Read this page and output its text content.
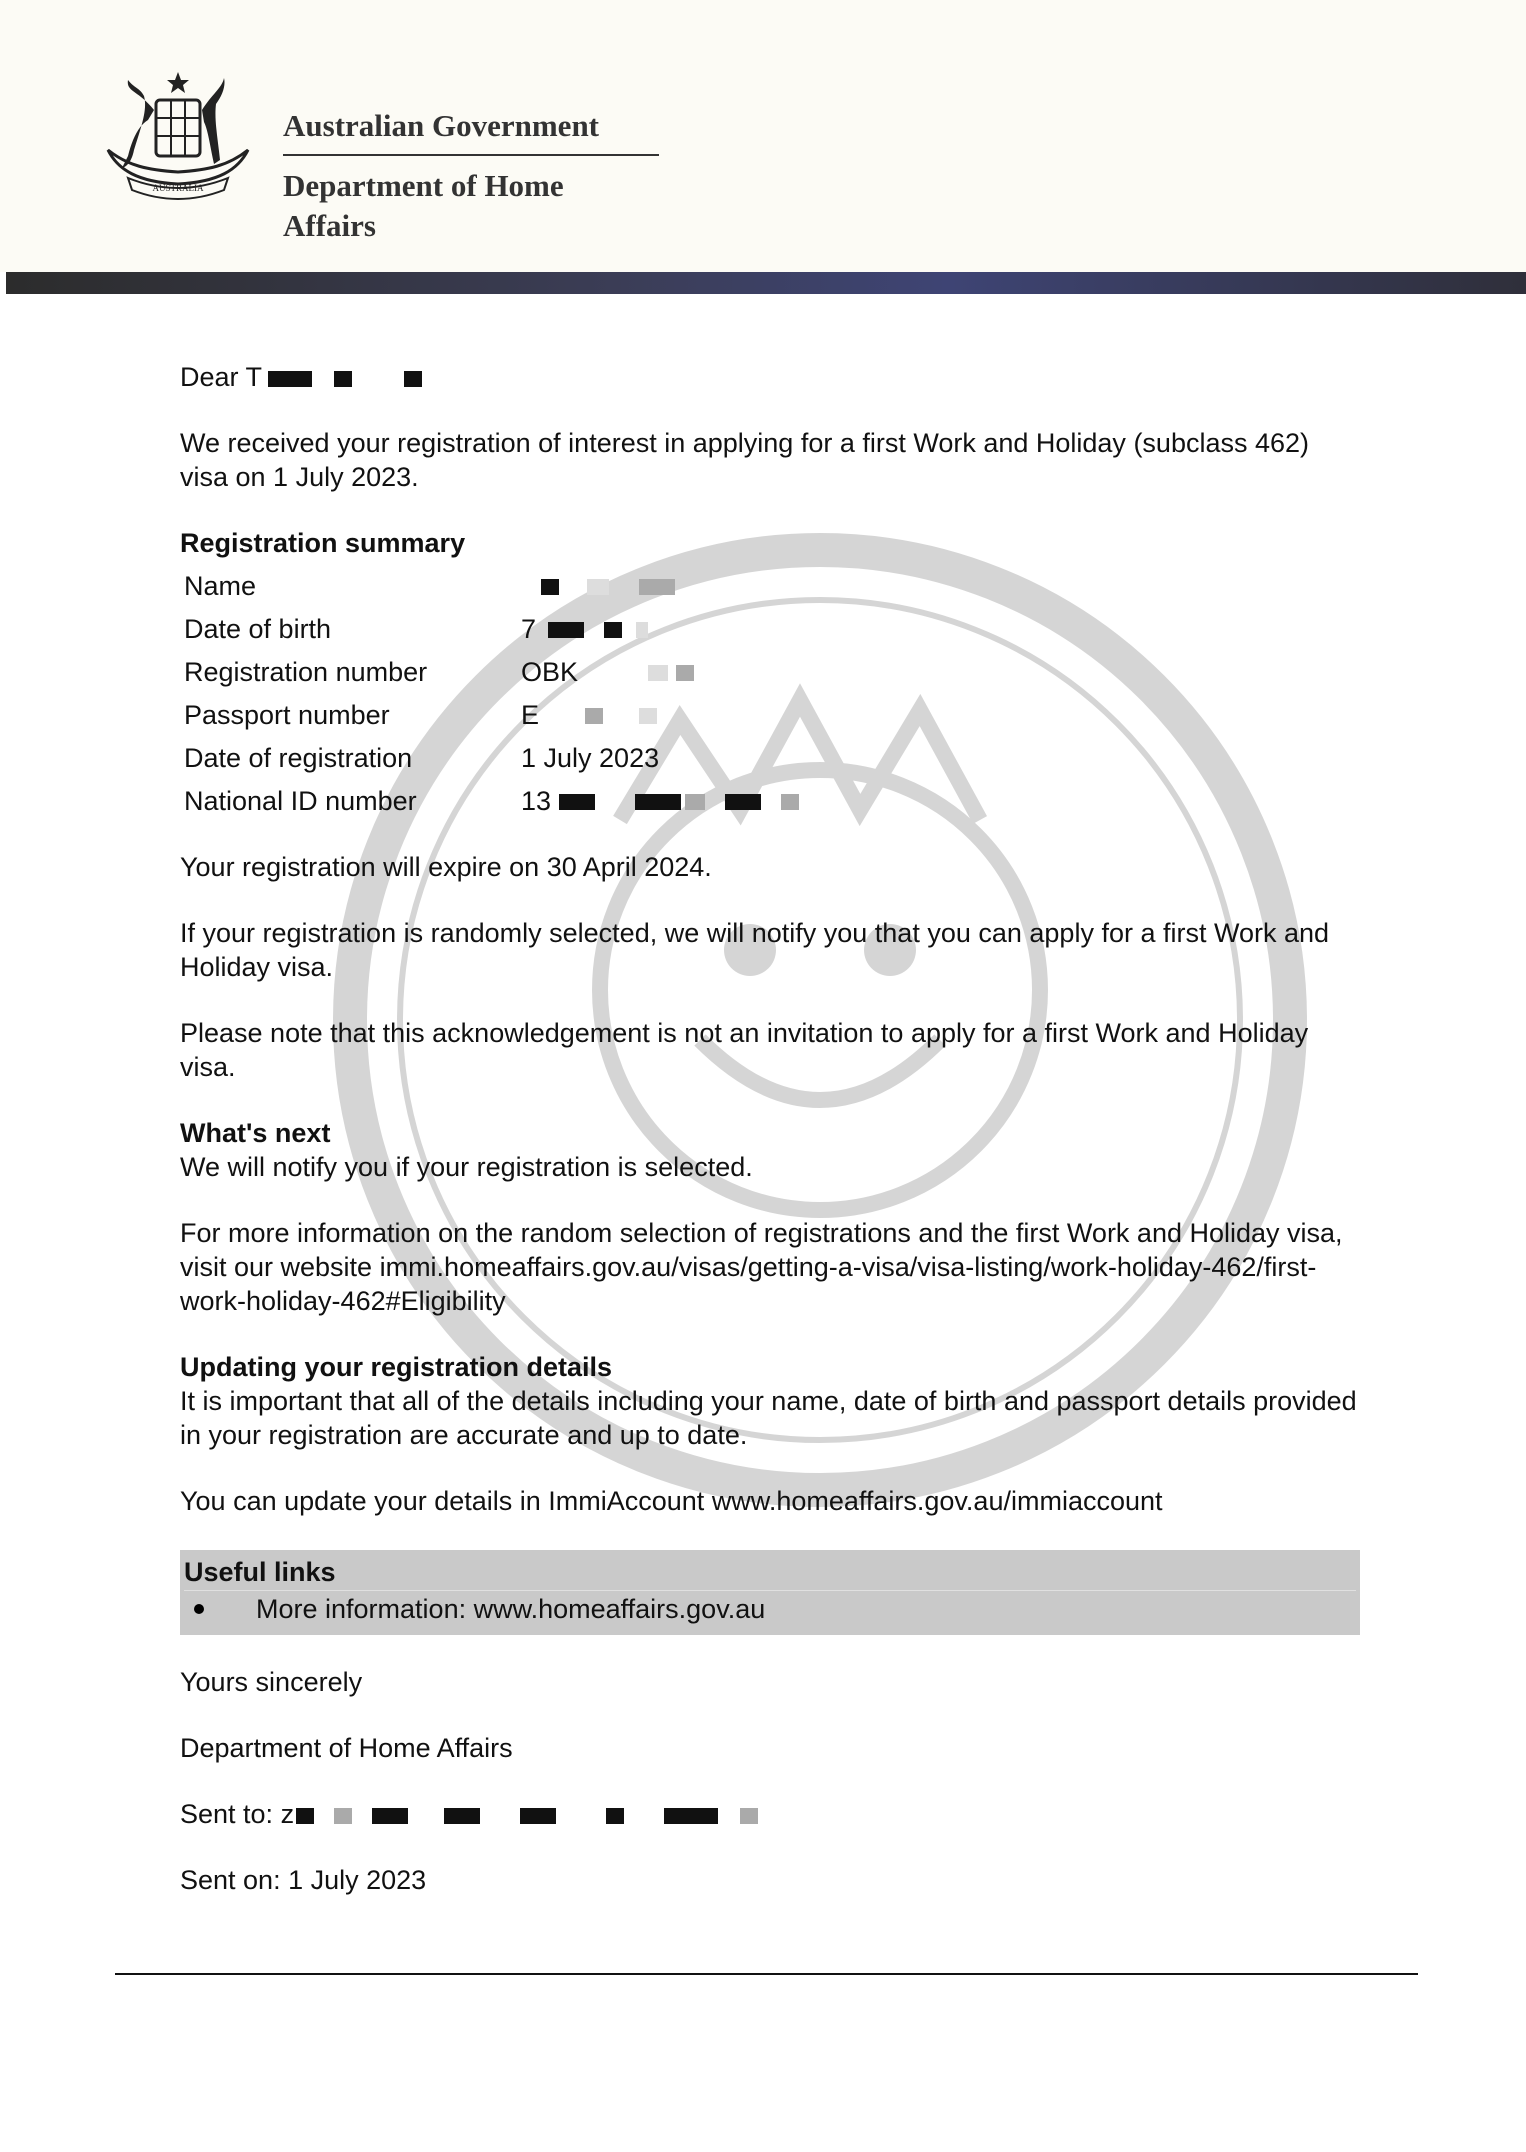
AUSTRALIA
Australian Government
Department of Home Affairs

Dear T

We received your registration of interest in applying for a first Work and Holiday (subclass 462) visa on 1 July 2023.

Registration summary
Name	
Date of birth	7
Registration number	OBK
Passport number	E
Date of registration	1 July 2023
National ID number	13

Your registration will expire on 30 April 2024.

If your registration is randomly selected, we will notify you that you can apply for a first Work and Holiday visa.

Please note that this acknowledgement is not an invitation to apply for a first Work and Holiday visa.

What's next

We will notify you if your registration is selected.

For more information on the random selection of registrations and the first Work and Holiday visa, visit our website immi.homeaffairs.gov.au/visas/getting-a-visa/visa-listing/work-holiday-462/first-work-holiday-462#Eligibility

Updating your registration details

It is important that all of the details including your name, date of birth and passport details provided in your registration are accurate and up to date.

You can update your details in ImmiAccount www.homeaffairs.gov.au/immiaccount

Useful links
More information: www.homeaffairs.gov.au

Yours sincerely

Department of Home Affairs

Sent to: z

Sent on: 1 July 2023
